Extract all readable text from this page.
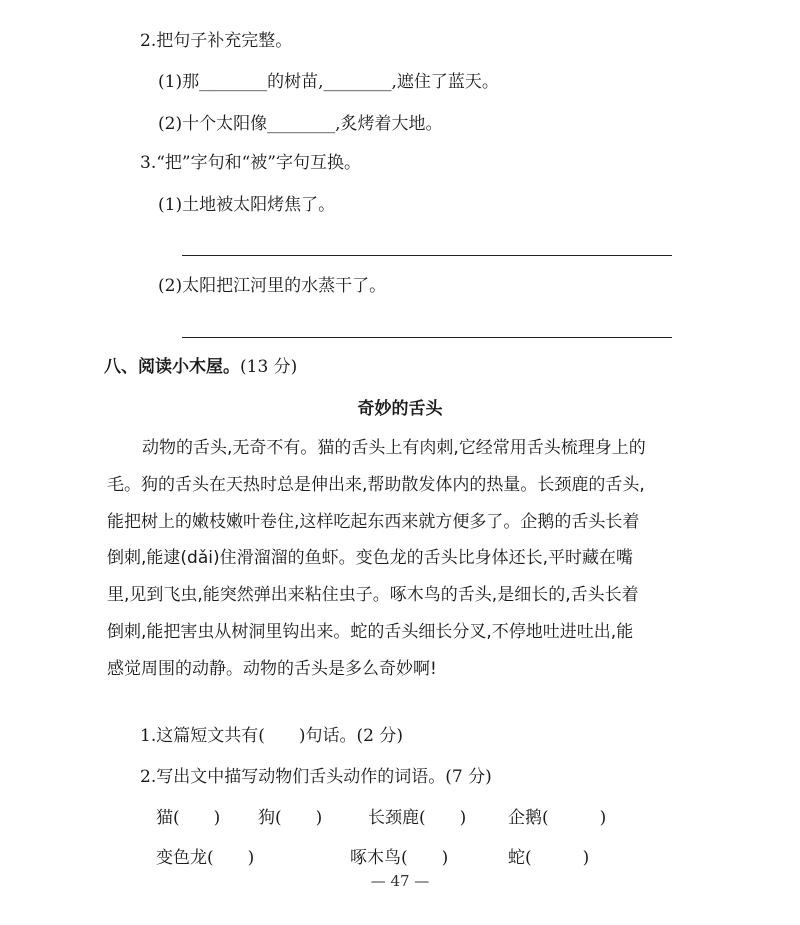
2.把句子补充完整。
(1)那________的树苗,________,遮住了蓝天。
(2)十个太阳像________,炙烤着大地。
3.“把”字句和“被”字句互换。
(1)土地被太阳烤焦了。
(2)太阳把江河里的水蒸干了。
八、阅读小木屋。(13 分)
奇妙的舌头
动物的舌头,无奇不有。猫的舌头上有肉刺,它经常用舌头梳理身上的
毛。狗的舌头在天热时总是伸出来,帮助散发体内的热量。长颈鹿的舌头,
能把树上的嫩枝嫩叶卷住,这样吃起东西来就方便多了。企鹅的舌头长着
倒刺,能逮(dǎi)住滑溜溜的鱼虾。变色龙的舌头比身体还长,平时藏在嘴
里,见到飞虫,能突然弹出来粘住虫子。啄木鸟的舌头,是细长的,舌头长着
倒刺,能把害虫从树洞里钩出来。蛇的舌头细长分叉,不停地吐进吐出,能
感觉周围的动静。动物的舌头是多么奇妙啊!
1.这篇短文共有(　　)句话。(2 分)
2.写出文中描写动物们舌头动作的词语。(7 分)
猫(　　) 狗(　　)	长颈鹿(　　) 企鹅(　　　)
变色龙(　　)	啄木鸟(　　)	蛇(　　　)
— 47 —
